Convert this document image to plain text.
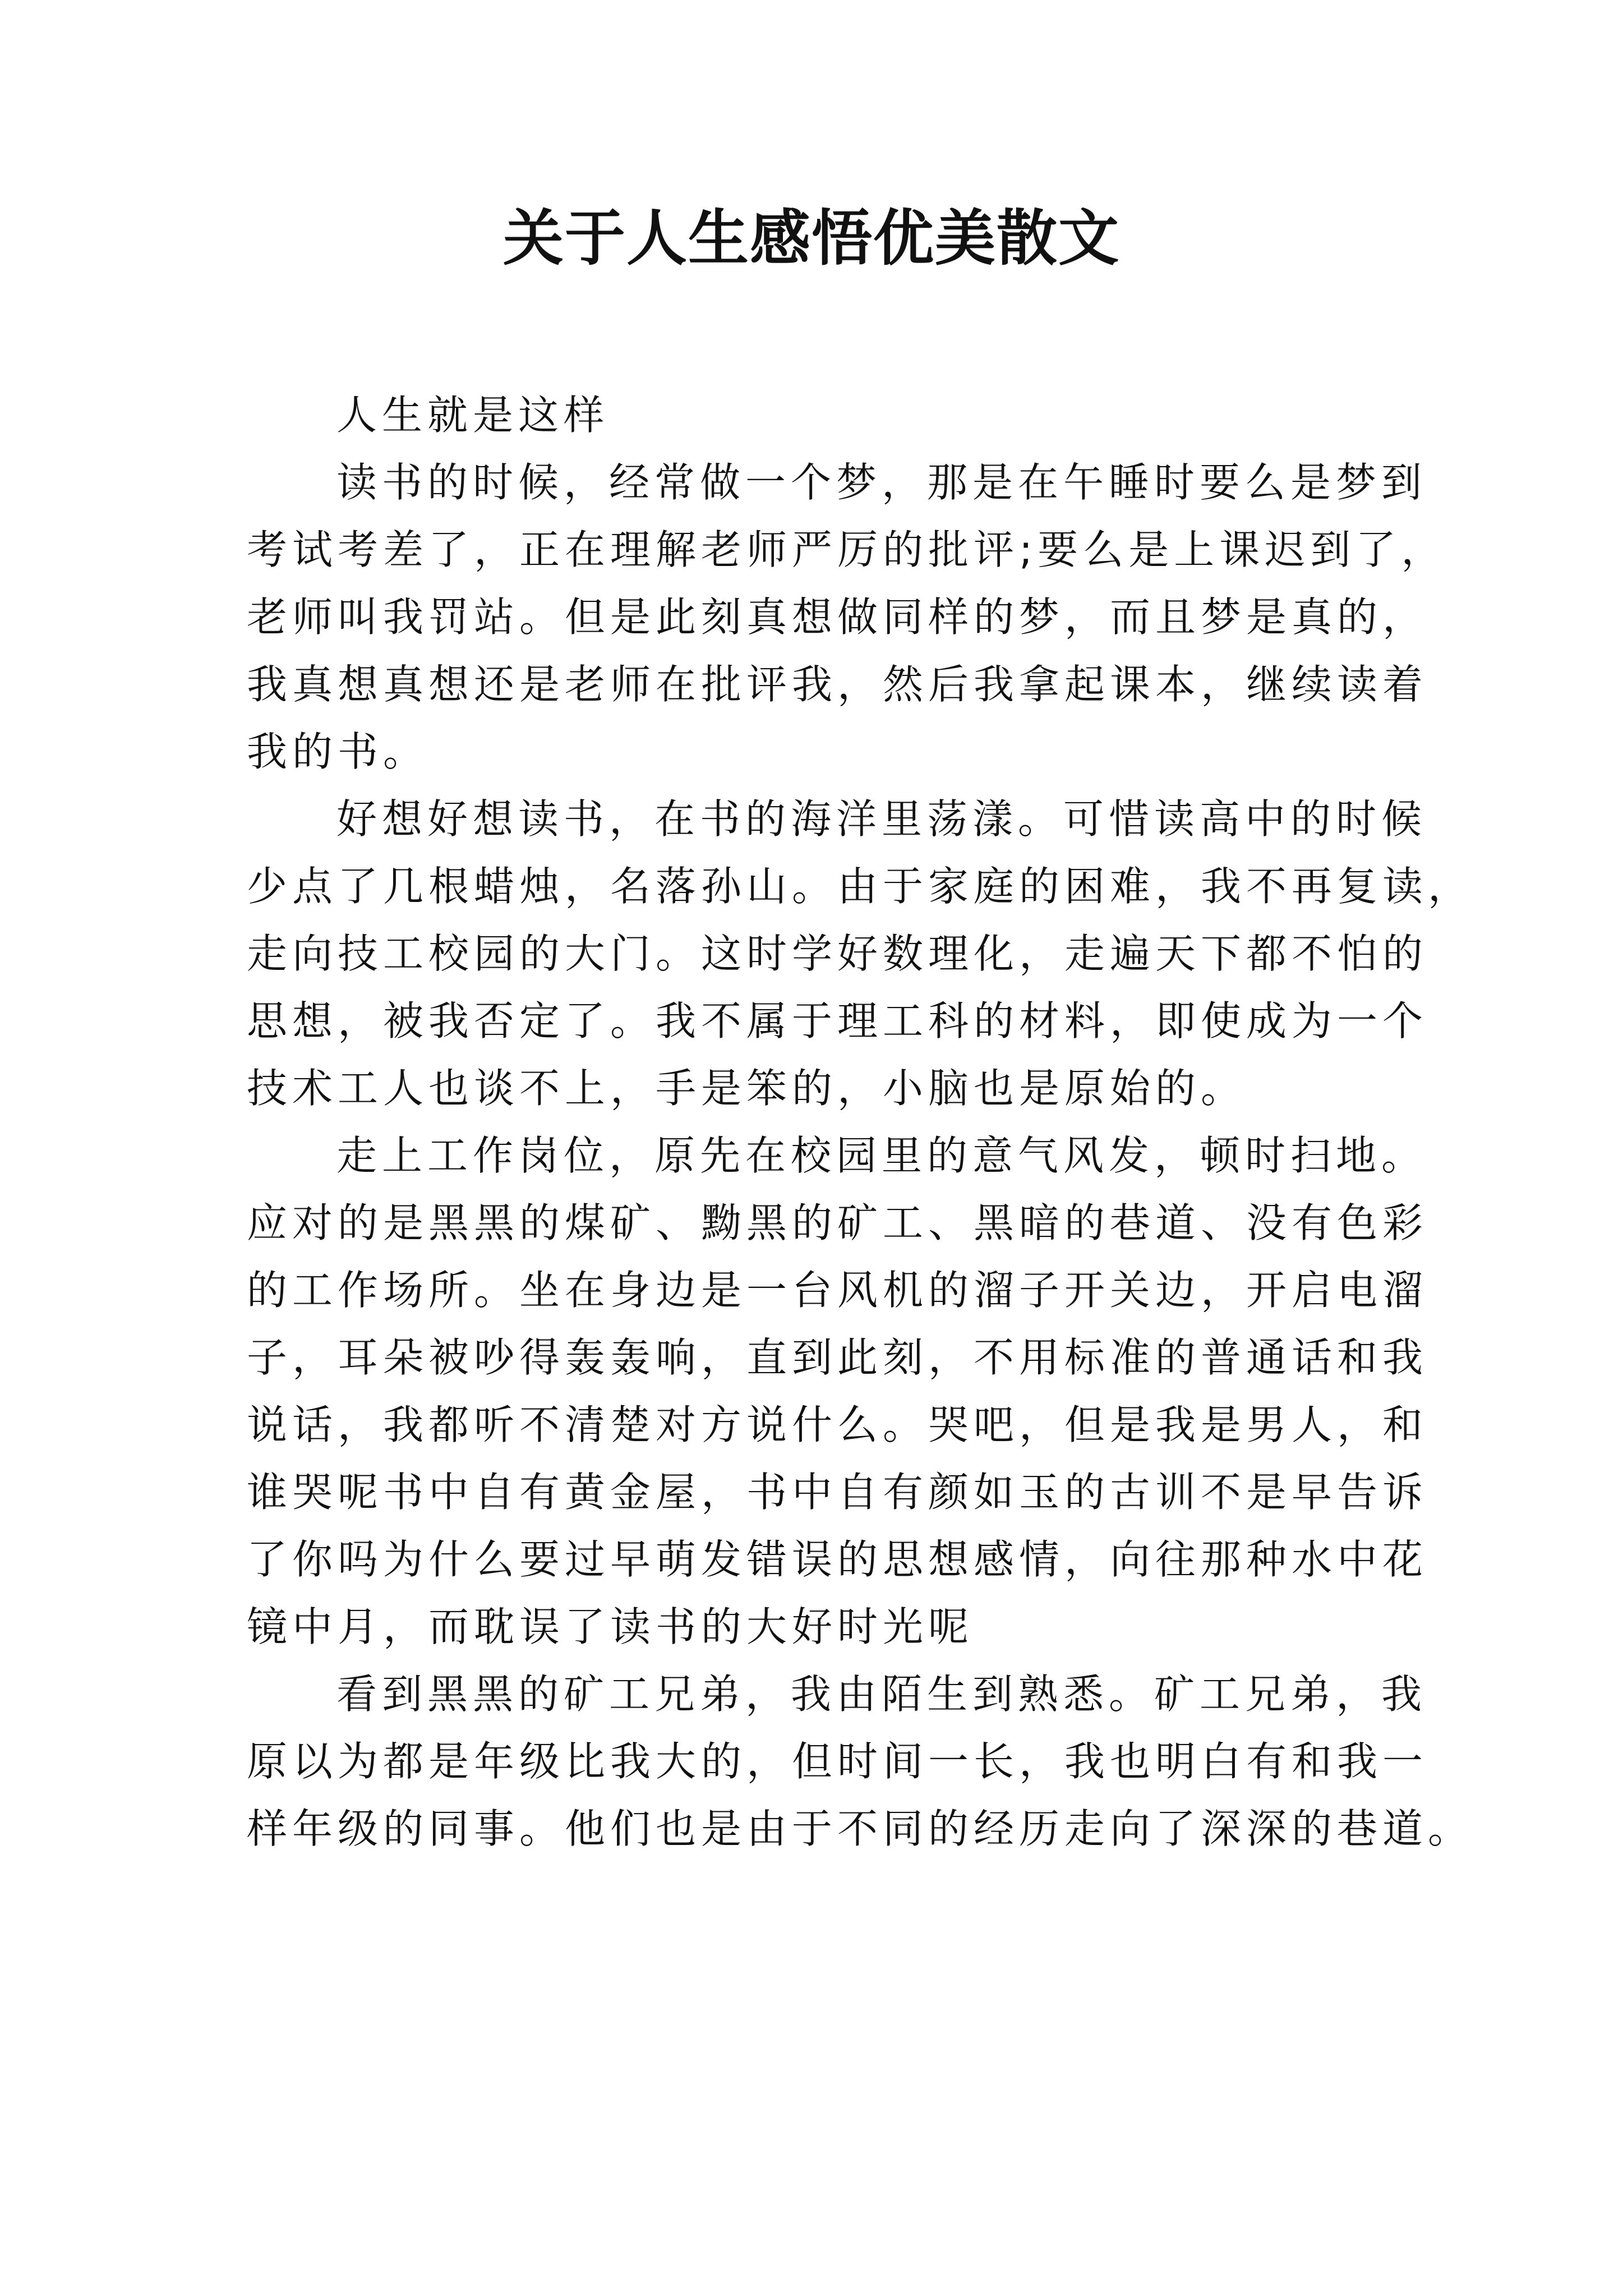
关于人生感悟优美散文
人生就是这样
读书的时候，经常做一个梦，那是在午睡时要么是梦到
考试考差了，正在理解老师严厉的批评;要么是上课迟到了，
老师叫我罚站。但是此刻真想做同样的梦，而且梦是真的，
我真想真想还是老师在批评我，然后我拿起课本，继续读着
我的书。
好想好想读书，在书的海洋里荡漾。可惜读高中的时候
少点了几根蜡烛，名落孙山。由于家庭的困难，我不再复读，
走向技工校园的大门。这时学好数理化，走遍天下都不怕的
思想，被我否定了。我不属于理工科的材料，即使成为一个
技术工人也谈不上，手是笨的，小脑也是原始的。
走上工作岗位，原先在校园里的意气风发，顿时扫地。
应对的是黑黑的煤矿、黝黑的矿工、黑暗的巷道、没有色彩
的工作场所。坐在身边是一台风机的溜子开关边，开启电溜
子，耳朵被吵得轰轰响，直到此刻，不用标准的普通话和我
说话，我都听不清楚对方说什么。哭吧，但是我是男人，和
谁哭呢书中自有黄金屋，书中自有颜如玉的古训不是早告诉
了你吗为什么要过早萌发错误的思想感情，向往那种水中花
镜中月，而耽误了读书的大好时光呢
看到黑黑的矿工兄弟，我由陌生到熟悉。矿工兄弟，我
原以为都是年级比我大的，但时间一长，我也明白有和我一
样年级的同事。他们也是由于不同的经历走向了深深的巷道。
